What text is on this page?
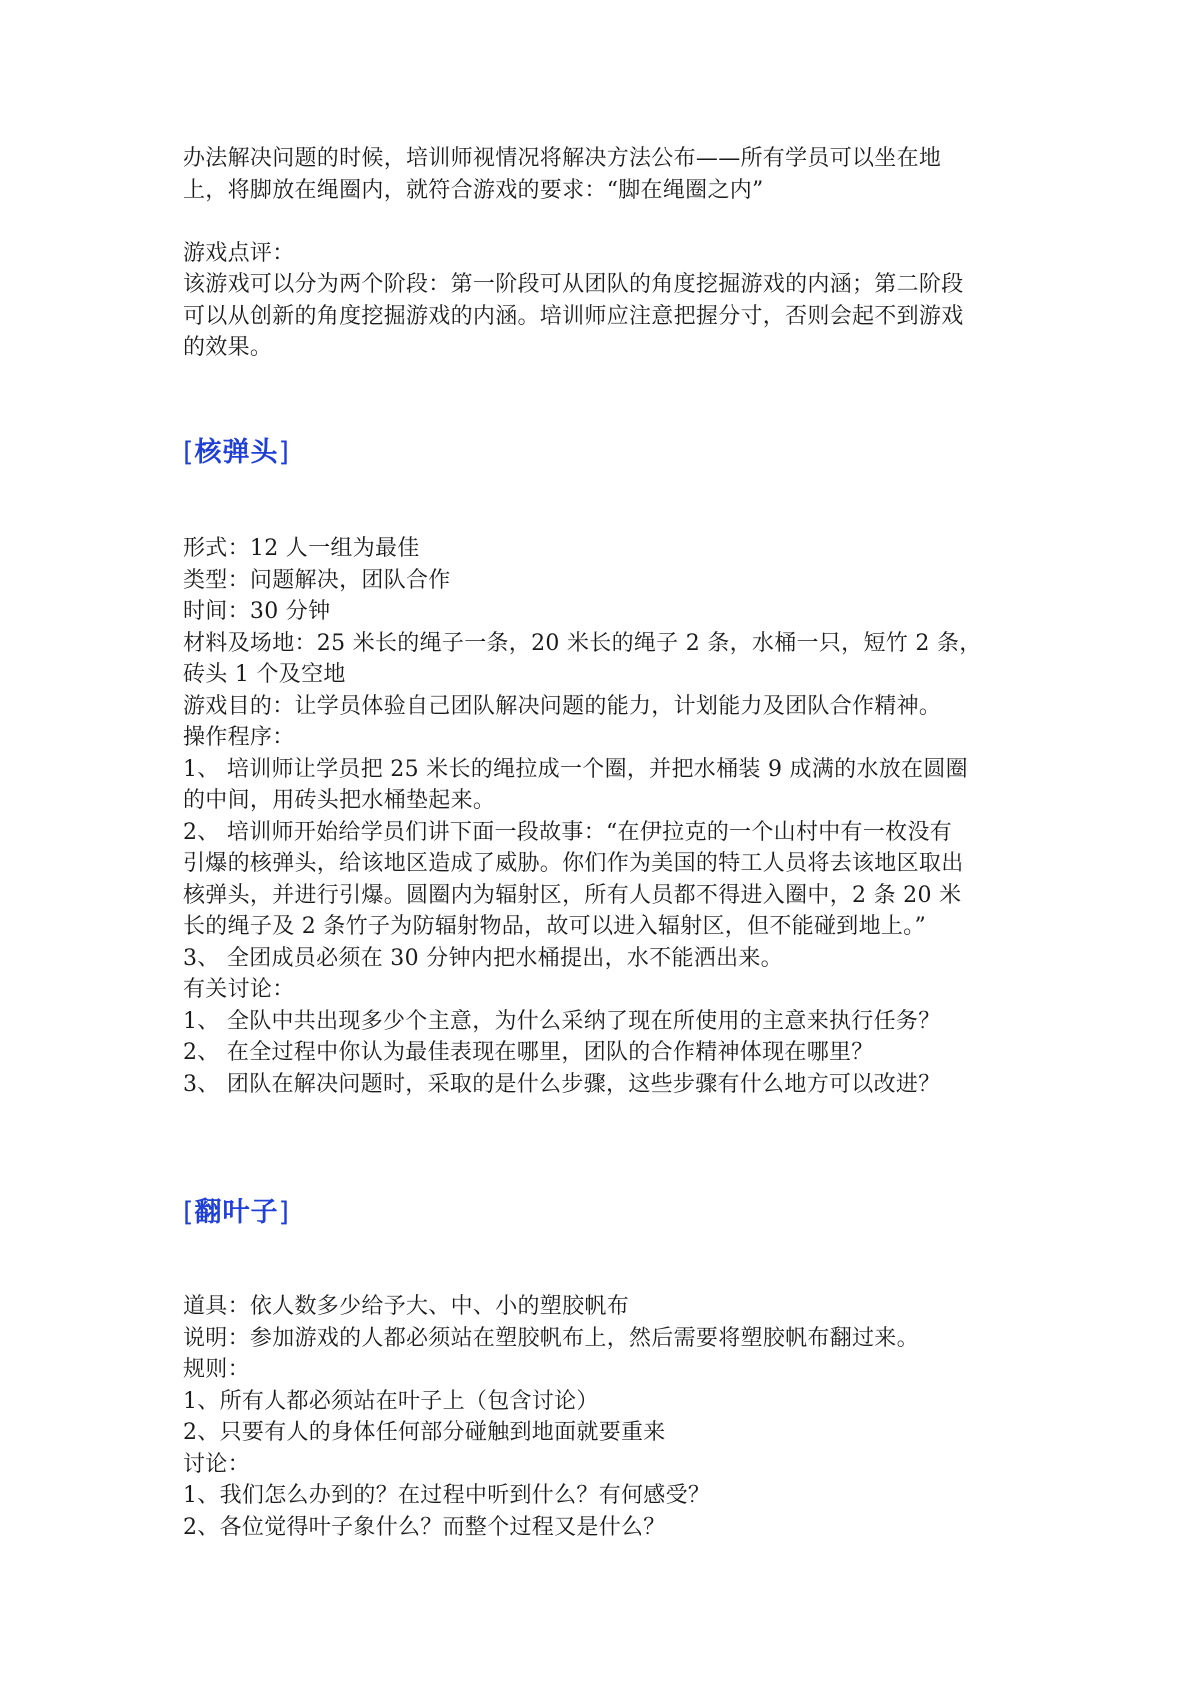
办法解决问题的时候，培训师视情况将解决方法公布——所有学员可以坐在地
上，将脚放在绳圈内，就符合游戏的要求：“脚在绳圈之内”
游戏点评：
该游戏可以分为两个阶段：第一阶段可从团队的角度挖掘游戏的内涵；第二阶段
可以从创新的角度挖掘游戏的内涵。培训师应注意把握分寸，否则会起不到游戏
的效果。
[核弹头]
形式：12 人一组为最佳
类型：问题解决，团队合作
时间：30 分钟
材料及场地：25 米长的绳子一条，20 米长的绳子 2 条，水桶一只，短竹 2 条，
砖头 1 个及空地
游戏目的：让学员体验自己团队解决问题的能力，计划能力及团队合作精神。
操作程序：
1、 培训师让学员把 25 米长的绳拉成一个圈，并把水桶装 9 成满的水放在圆圈
的中间，用砖头把水桶垫起来。
2、 培训师开始给学员们讲下面一段故事：“在伊拉克的一个山村中有一枚没有
引爆的核弹头，给该地区造成了威胁。你们作为美国的特工人员将去该地区取出
核弹头，并进行引爆。圆圈内为辐射区，所有人员都不得进入圈中，2 条 20 米
长的绳子及 2 条竹子为防辐射物品，故可以进入辐射区，但不能碰到地上。”
3、 全团成员必须在 30 分钟内把水桶提出，水不能洒出来。
有关讨论：
1、 全队中共出现多少个主意，为什么采纳了现在所使用的主意来执行任务？
2、 在全过程中你认为最佳表现在哪里，团队的合作精神体现在哪里？
3、 团队在解决问题时，采取的是什么步骤，这些步骤有什么地方可以改进？
[翻叶子]
道具：依人数多少给予大、中、小的塑胶帆布
说明：参加游戏的人都必须站在塑胶帆布上，然后需要将塑胶帆布翻过来。
规则：
1、所有人都必须站在叶子上（包含讨论）
2、只要有人的身体任何部分碰触到地面就要重来
讨论：
1、我们怎么办到的？在过程中听到什么？有何感受？
2、各位觉得叶子象什么？而整个过程又是什么？
